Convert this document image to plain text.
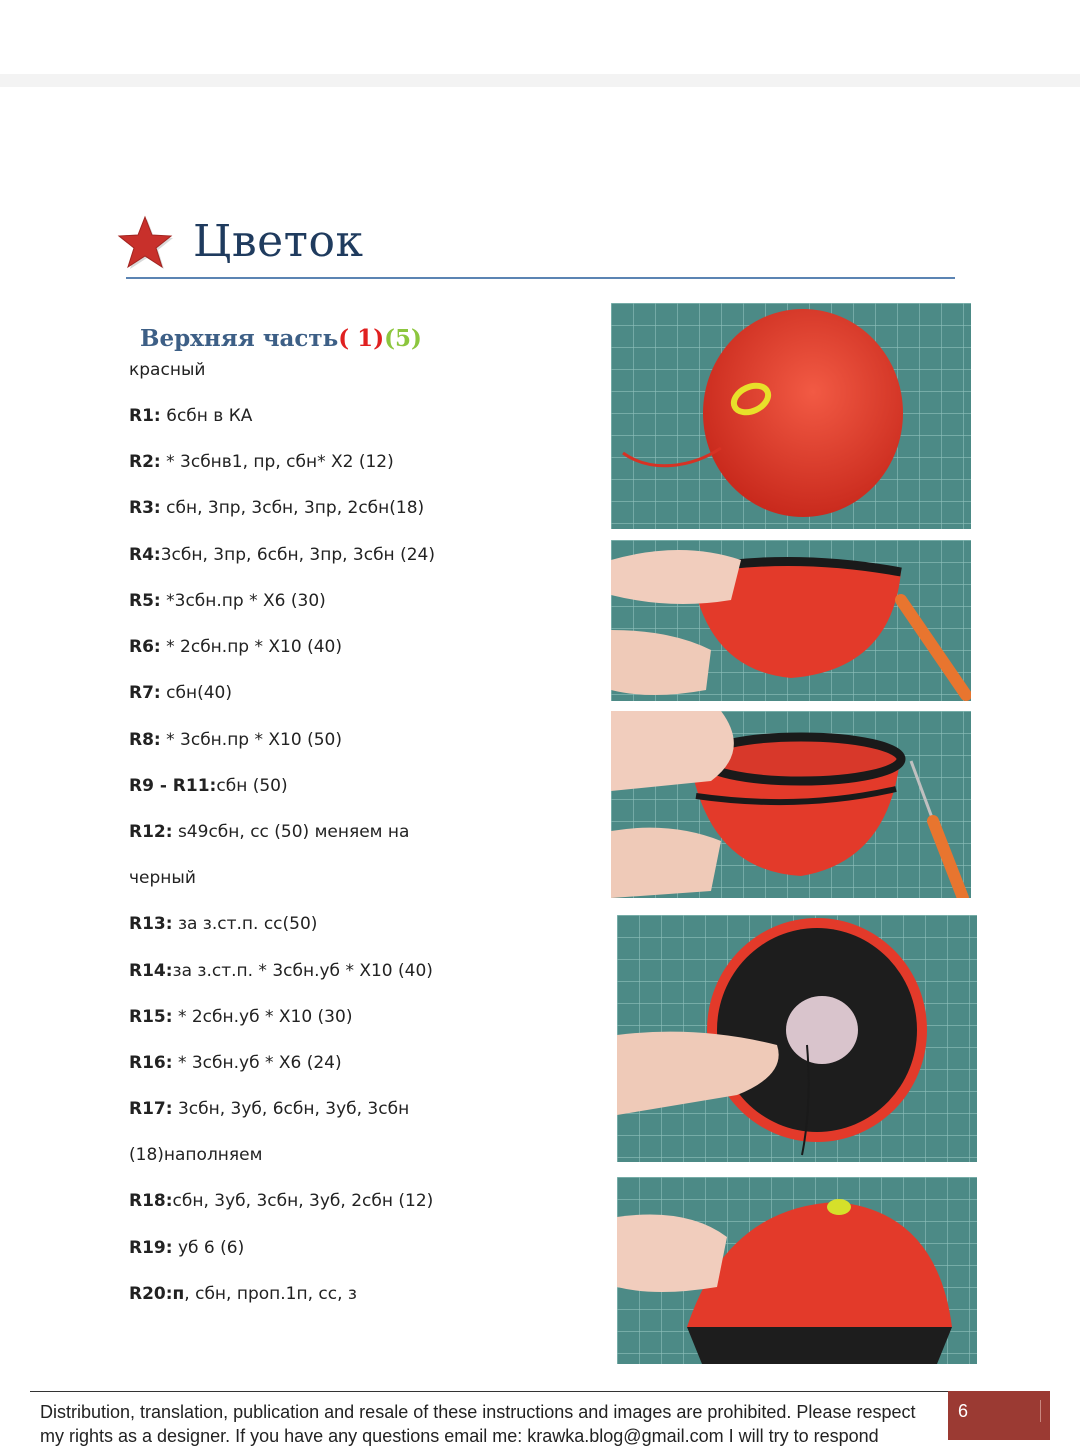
Цветок
Верхняя часть( 1)(5)
красный
R1: 6сбн в КА
R2: * 3сбнв1, пр, сбн* X2 (12)
R3: сбн, 3пр, 3сбн, 3пр, 2сбн(18)
R4:3сбн, 3пр, 6сбн, 3пр, 3сбн (24)
R5: *3сбн.пр * X6 (30)
R6: * 2сбн.пр * X10 (40)
R7: сбн(40)
R8: * 3сбн.пр * X10 (50)
R9 - R11:сбн (50)
R12: s49сбн, сс (50) меняем на
черный
R13: за з.ст.п. сс(50)
R14:за з.ст.п. * 3сбн.уб * X10 (40)
R15: * 2сбн.уб * X10 (30)
R16: * 3сбн.уб * X6 (24)
R17: 3сбн, 3уб, 6сбн, 3уб, 3сбн
(18)наполняем
R18:сбн, 3уб, 3сбн, 3уб, 2сбн (12)
R19: уб 6 (6)
R20:п, сбн, проп.1п, сс, з
Distribution, translation, publication and resale of these instructions and images are prohibited. Please respect my rights as a designer. If you have any questions email me: krawka.blog@gmail.com I will try to respond
6
